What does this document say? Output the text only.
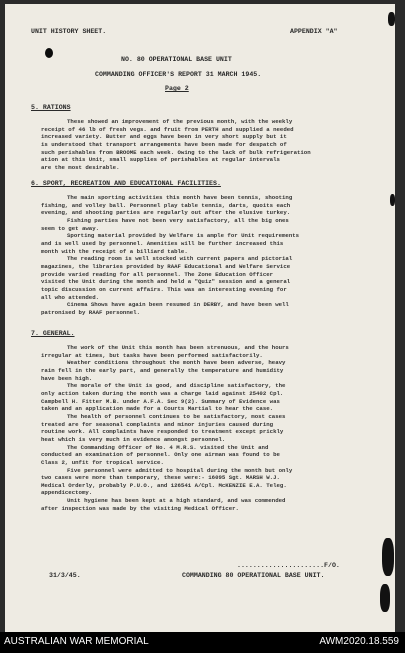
UNIT HISTORY SHEET.	APPENDIX "A"
NO. 80 OPERATIONAL BASE UNIT
COMMANDING OFFICER'S REPORT 31 MARCH 1945.
Page 2
5. RATIONS
These showed an improvement of the previous month, with the weekly
receipt of 46 lb of fresh vegs. and fruit from PERTH and supplied a needed
increased variety. Butter and eggs have been in very short supply but it
is understood that transport arrangements have been made for despatch of
such perishables from BROOME each week. Owing to the lack of bulk refrigeration
ation at this Unit, small supplies of perishables at regular intervals
are the most desirable.
6. SPORT, RECREATION AND EDUCATIONAL FACILITIES.
The main sporting activities this month have been tennis, shooting
fishing, and volley ball. Personnel play table tennis, darts, quoits each
evening, and shooting parties are regularly out after the elusive turkey.
Fishing parties have not been very satisfactory, all the big ones
seem to get away.
Sporting material provided by Welfare is ample for Unit requirements
and is well used by personnel. Amenities will be further increased this
month with the receipt of a billiard table.
The reading room is well stocked with current papers and pictorial
magazines, the libraries provided by RAAF Educational and Welfare Service
provide varied reading for all personnel. The Zone Education Officer
visited the Unit during the month and held a "Quiz" session and a general
topic discussion on current affairs. This was an interesting evening for
all who attended.
Cinema Shows have again been resumed in DERBY, and have been well
patronised by RAAF personnel.
7. GENERAL.
The work of the Unit this month has been strenuous, and the hours
irregular at times, but tasks have been performed satisfactorily.
Weather conditions throughout the month have been adverse, heavy
rain fell in the early part, and generally the temperature and humidity
have been high.
The morale of the Unit is good, and discipline satisfactory, the
only action taken during the month was a charge laid against 25402 Cpl.
Campbell H. Fitter M.B. under A.F.A. Sec 9(2). Summary of Evidence was
taken and an application made for a Courts Martial to hear the case.
The health of personnel continues to be satisfactory, most cases
treated are for seasonal complaints and minor injuries caused during
routine work. All complaints have responded to treatment except prickly
heat which is very much in evidence amongst personnel.
The Commanding Officer of No. 4 M.R.S. visited the Unit and
conducted an examination of personnel. Only one airman was found to be
Class 2, unfit for tropical service.
Five personnel were admitted to hospital during the month but only
two cases were more than temporary, these were:- 16095 Sgt. MARSH W.J.
Medical Orderly, probably P.U.O., and 126541 A/Cpl. McKENZIE E.A. Teleg.
appendicectomy.
Unit hygiene has been kept at a high standard, and was commended
after inspection was made by the visiting Medical Officer.
31/3/45.
......................F/O.
COMMANDING 80 OPERATIONAL BASE UNIT.
AUSTRALIAN WAR MEMORIAL	AWM2020.18.559
